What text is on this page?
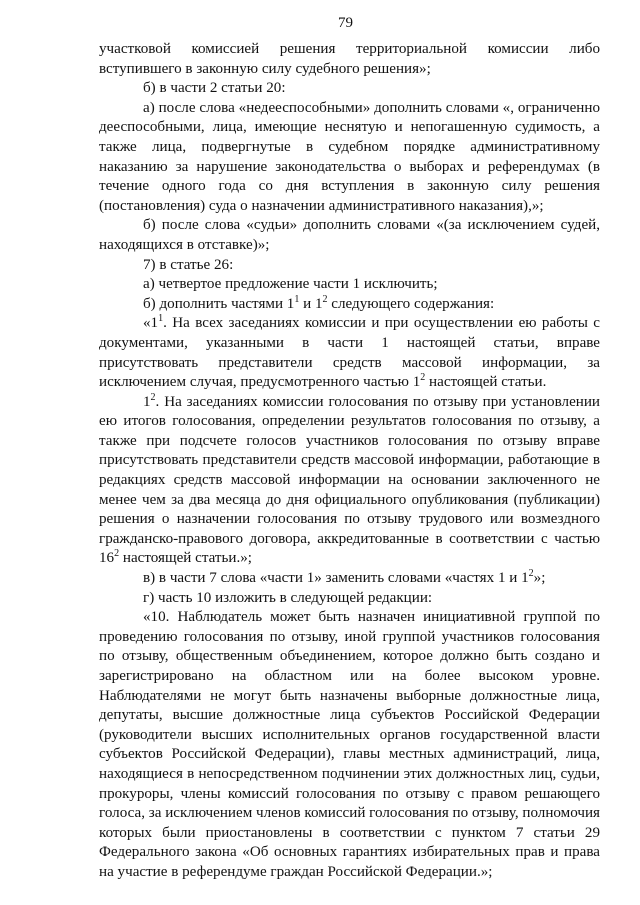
79

участковой комиссией решения территориальной комиссии либо вступившего в законную силу судебного решения»;

б) в части 2 статьи 20:

а) после слова «недееспособными» дополнить словами «, ограниченно дееспособными, лица, имеющие неснятую и непогашенную судимость, а также лица, подвергнутые в судебном порядке административному наказанию за нарушение законодательства о выборах и референдумах (в течение одного года со дня вступления в законную силу решения (постановления) суда о назначении административного наказания),»;

б) после слова «судьи» дополнить словами «(за исключением судей, находящихся в отставке)»;

7) в статье 26:

а) четвертое предложение части 1 исключить;

б) дополнить частями $1^1$ и $1^2$ следующего содержания:

«$1^1$. На всех заседаниях комиссии и при осуществлении ею работы с документами, указанными в части 1 настоящей статьи, вправе присутствовать представители средств массовой информации, за исключением случая, предусмотренного частью $1^2$ настоящей статьи.

$1^2$. На заседаниях комиссии голосования по отзыву при установлении ею итогов голосования, определении результатов голосования по отзыву, а также при подсчете голосов участников голосования по отзыву вправе присутствовать представители средств массовой информации, работающие в редакциях средств массовой информации на основании заключенного не менее чем за два месяца до дня официального опубликования (публикации) решения о назначении голосования по отзыву трудового или возмездного гражданско-правового договора, аккредитованные в соответствии с частью $16^2$ настоящей статьи.»;

в) в части 7 слова «части 1» заменить словами «частях 1 и $1^2$»;

г) часть 10 изложить в следующей редакции:

«10. Наблюдатель может быть назначен инициативной группой по проведению голосования по отзыву, иной группой участников голосования по отзыву, общественным объединением, которое должно быть создано и зарегистрировано на областном или на более высоком уровне. Наблюдателями не могут быть назначены выборные должностные лица, депутаты, высшие должностные лица субъектов Российской Федерации (руководители высших исполнительных органов государственной власти субъектов Российской Федерации), главы местных администраций, лица, находящиеся в непосредственном подчинении этих должностных лиц, судьи, прокуроры, члены комиссий голосования по отзыву с правом решающего голоса, за исключением членов комиссий голосования по отзыву, полномочия которых были приостановлены в соответствии с пунктом 7 статьи 29 Федерального закона «Об основных гарантиях избирательных прав и права на участие в референдуме граждан Российской Федерации.»;
